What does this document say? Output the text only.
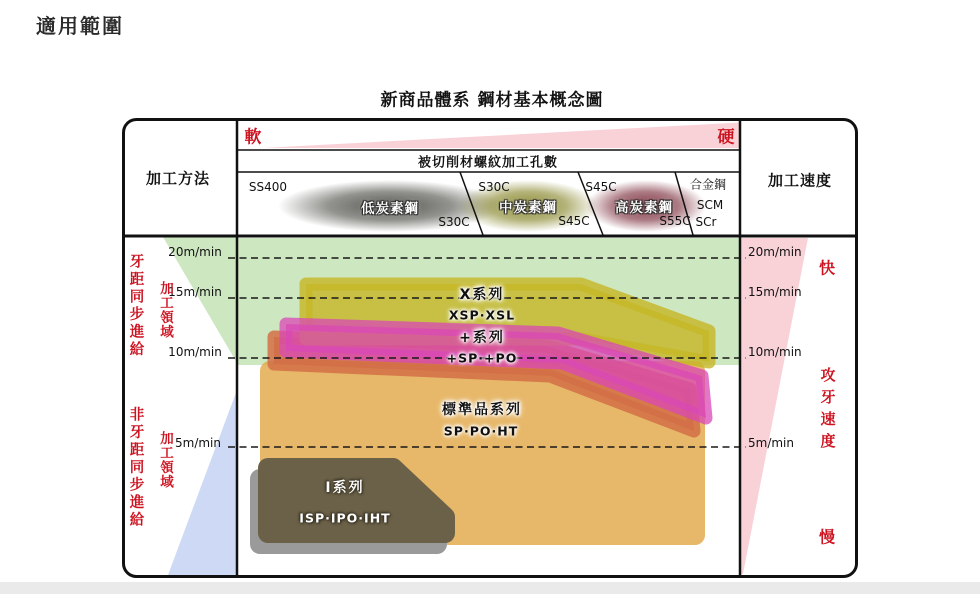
適用範圍
新商品體系 鋼材基本概念圖
加工方法	加工速度
軟	硬
被切削材螺紋加工孔數
SS400
低炭素鋼
S30C
S30C
中炭素鋼
S45C
S45C
高炭素鋼
S55C
合金鋼
SCM
SCr
20m/min
15m/min
10m/min
5m/min
20m/min
15m/min
10m/min
5m/min
牙距同步進給 加工領域
非牙距同步進給 加工領域
快
攻牙速度
慢
X系列
XSP·XSL
+系列
+SP·+PO
標準品系列
SP·PO·HT
I系列
ISP·IPO·IHT
